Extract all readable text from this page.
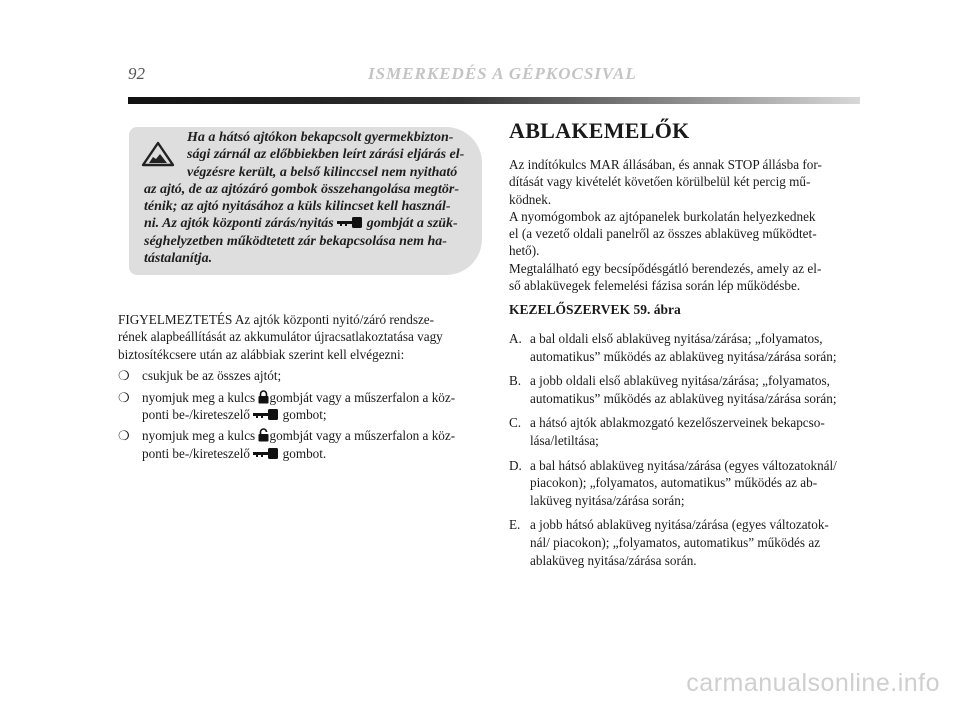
92	ISMERKEDÉS A GÉPKOCSIVAL
Ha a hátsó ajtókon bekapcsolt gyermekbizton-
sági zárnál az előbbiekben leírt zárási eljárás el-
végzésre került, a belső kilinccsel nem nyitható
az ajtó, de az ajtózáró gombok összehangolása megtör-
ténik; az ajtó nyitásához a küls kilincset kell használ-
ni. Az ajtók központi zárás/nyitás gombját a szük-
séghelyzetben működtetett zár bekapcsolása nem ha-
tástalanítja.
FIGYELMEZTETÉS Az ajtók központi nyitó/záró rendsze-
rének alapbeállítását az akkumulátor újracsatlakoztatása vagy
biztosítékcsere után az alábbiak szerint kell elvégezni:
❍ csukjuk be az összes ajtót;
❍ nyomjuk meg a kulcs gombját vagy a műszerfalon a köz-
ponti be-/kireteszelő gombot;
❍ nyomjuk meg a kulcs gombját vagy a műszerfalon a köz-
ponti be-/kireteszelő gombot.
ABLAKEMELŐK
Az indítókulcs MAR állásában, és annak STOP állásba for-
dítását vagy kivételét követően körülbelül két percig mű-
ködnek.
A nyomógombok az ajtópanelek burkolatán helyezkednek
el (a vezető oldali panelről az összes ablaküveg működtet-
hető).
Megtalálható egy becsípődésgátló berendezés, amely az el-
ső ablaküvegek felemelési fázisa során lép működésbe.
KEZELŐSZERVEK 59. ábra
A. a bal oldali első ablaküveg nyitása/zárása; „folyamatos,
automatikus” működés az ablaküveg nyitása/zárása során;
B. a jobb oldali első ablaküveg nyitása/zárása; „folyamatos,
automatikus” működés az ablaküveg nyitása/zárása során;
C. a hátsó ajtók ablakmozgató kezelőszerveinek bekapcso-
lása/letiltása;
D. a bal hátsó ablaküveg nyitása/zárása (egyes változatoknál/
piacokon); „folyamatos, automatikus” működés az ab-
laküveg nyitása/zárása során;
E. a jobb hátsó ablaküveg nyitása/zárása (egyes változatok-
nál/ piacokon); „folyamatos, automatikus” működés az
ablaküveg nyitása/zárása során.
carmanualsonline.info
